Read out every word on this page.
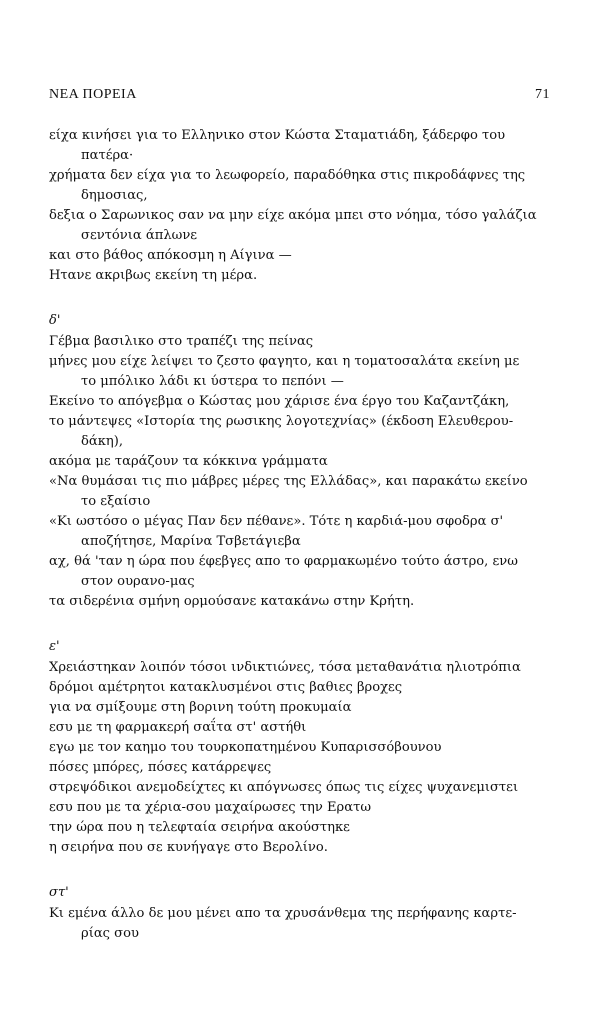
ΝΕΑ ΠΟΡΕΙΑ	71
είχα κινήσει για το Ελληνικο στον Κώστα Σταματιάδη, ξάδερφο του
πατέρα·
χρήματα δεν είχα για το λεωφορείο, παραδόθηκα στις πικροδάφνες της
δημοσιας,
δεξια ο Σαρωνικος σαν να μην είχε ακόμα μπει στο νόημα, τόσο γαλάζια
σεντόνια άπλωνε
και στο βάθος απόκοσμη η Αίγινα —
Ητανε ακριβως εκείνη τη μέρα.
δ'
Γέβμα βασιλικο στο τραπέζι της πείνας
μήνες μου είχε λείψει το ζεστο φαγητο, και η τοματοσαλάτα εκείνη με
το μπόλικο λάδι κι ύστερα το πεπόνι —
Εκείνο το απόγεβμα ο Κώστας μου χάρισε ένα έργο του Καζαντζάκη,
το μάντεψες «Ιστορία της ρωσικης λογοτεχνίας» (έκδοση Ελευθερου-
δάκη),
ακόμα με ταράζουν τα κόκκινα γράμματα
«Να θυμάσαι τις πιο μάβρες μέρες της Ελλάδας», και παρακάτω εκείνο
το εξαίσιο
«Κι ωστόσο ο μέγας Παν δεν πέθανε». Τότε η καρδιά-μου σφοδρα σ'
αποζήτησε, Μαρίνα Τσβετάγιεβα
αχ, θά 'ταν η ώρα που έφεβγες απο το φαρμακωμένο τούτο άστρο, ενω
στον ουρανο-μας
τα σιδερένια σμήνη ορμούσανε κατακάνω στην Κρήτη.
ε'
Χρειάστηκαν λοιπόν τόσοι ινδικτιώνες, τόσα μεταθανάτια ηλιοτρόπια
δρόμοι αμέτρητοι κατακλυσμένοι στις βαθιες βροχες
για να σμίξουμε στη βορινη τούτη προκυμαία
εσυ με τη φαρμακερή σαΐτα στ' αστήθι
εγω με τον καημο του τουρκοπατημένου Κυπαρισσόβουνου
πόσες μπόρες, πόσες κατάρρεψες
στρεψόδικοι ανεμοδείχτες κι απόγνωσες όπως τις είχες ψυχανεμιστει
εσυ που με τα χέρια-σου μαχαίρωσες την Ερατω
την ώρα που η τελεφταία σειρήνα ακούστηκε
η σειρήνα που σε κυνήγαγε στο Βερολίνο.
στ'
Κι εμένα άλλο δε μου μένει απο τα χρυσάνθεμα της περήφανης καρτε-
ρίας σου
